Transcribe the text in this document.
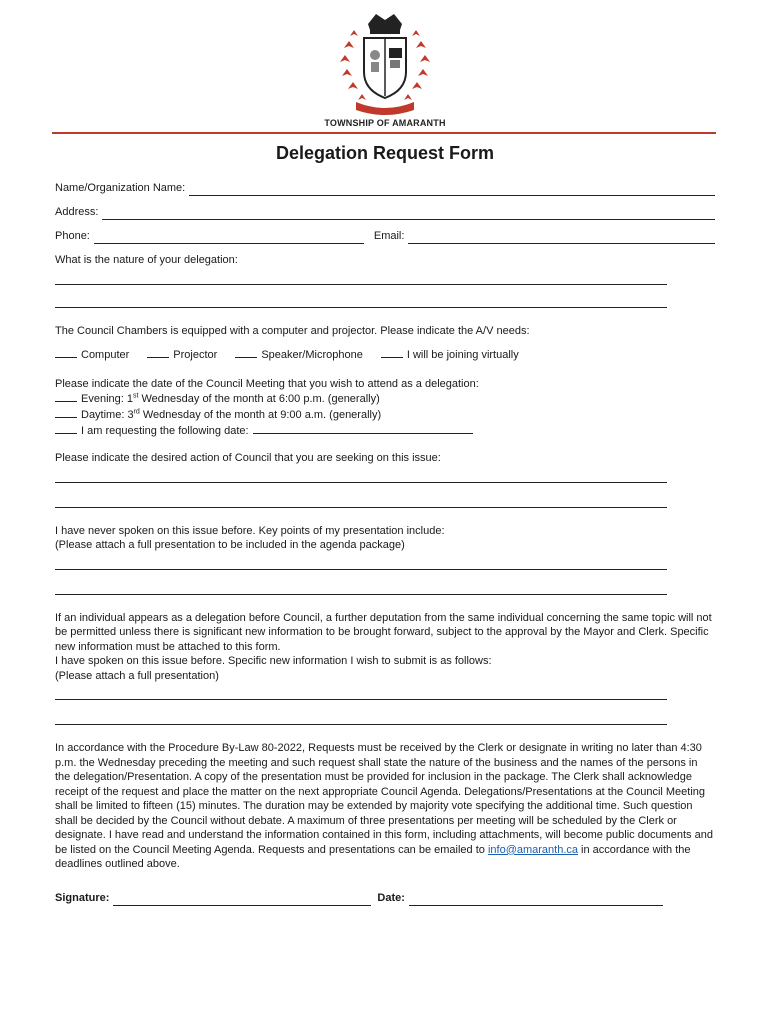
TOWNSHIP OF AMARANTH
Delegation Request Form
Name/Organization Name:
Address:
Phone:	Email:
What is the nature of your delegation:

The Council Chambers is equipped with a computer and projector. Please indicate the A/V needs:

Computer	Projector	Speaker/Microphone	I will be joining virtually

Please indicate the date of the Council Meeting that you wish to attend as a delegation:

Evening: 1st Wednesday of the month at 6:00 p.m. (generally)
Daytime: 3rd Wednesday of the month at 9:00 a.m. (generally)
I am requesting the following date:

Please indicate the desired action of Council that you are seeking on this issue:

I have never spoken on this issue before. Key points of my presentation include:

(Please attach a full presentation to be included in the agenda package)

If an individual appears as a delegation before Council, a further deputation from the same individual concerning the same topic will not be permitted unless there is significant new information to be brought forward, subject to the approval by the Mayor and Clerk. Specific new information must be attached to this form.

I have spoken on this issue before. Specific new information I wish to submit is as follows:

(Please attach a full presentation)

In accordance with the Procedure By-Law 80-2022, Requests must be received by the Clerk or designate in writing no later than 4:30 p.m. the Wednesday preceding the meeting and such request shall state the nature of the business and the names of the persons in the delegation/Presentation. A copy of the presentation must be provided for inclusion in the package. The Clerk shall acknowledge receipt of the request and place the matter on the next appropriate Council Agenda. Delegations/Presentations at the Council Meeting shall be limited to fifteen (15) minutes. The duration may be extended by majority vote specifying the additional time. Such question shall be decided by the Council without debate. A maximum of three presentations per meeting will be scheduled by the Clerk or designate. I have read and understand the information contained in this form, including attachments, will become public documents and be listed on the Council Meeting Agenda. Requests and presentations can be emailed to info@amaranth.ca in accordance with the deadlines outlined above.

Signature:	Date:
